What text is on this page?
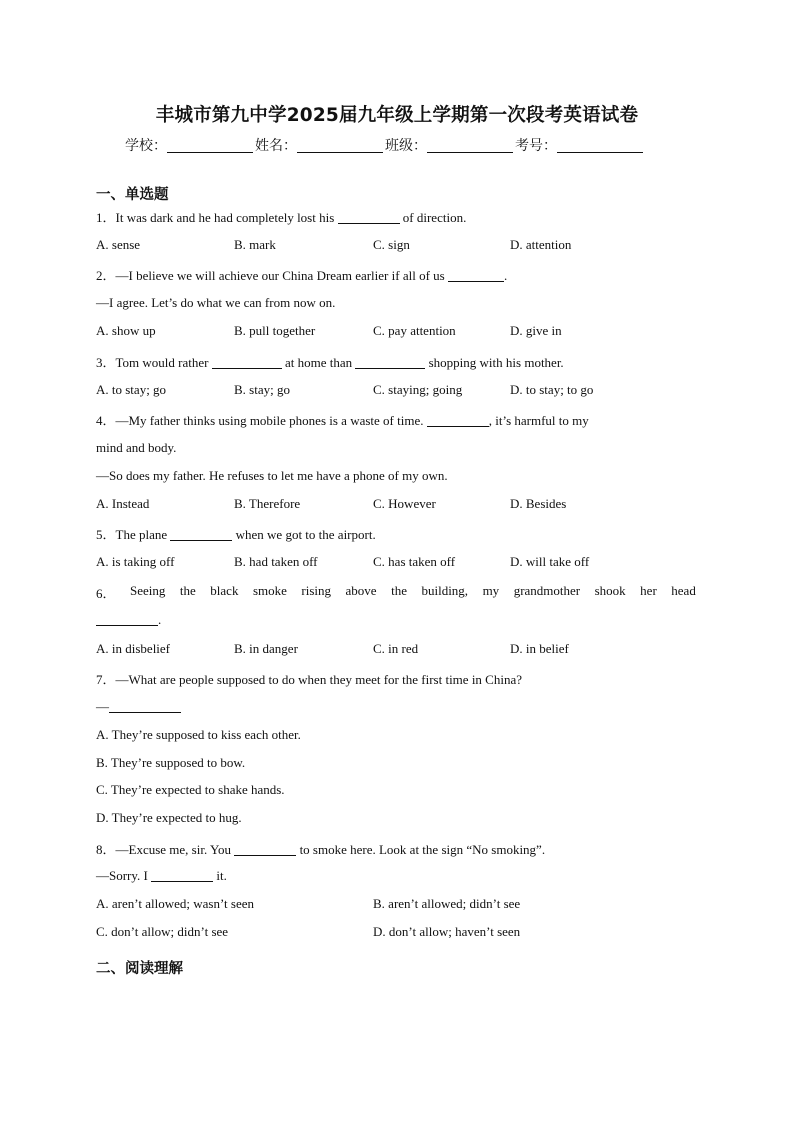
丰城市第九中学2025届九年级上学期第一次段考英语试卷
学校：	姓名：	班级：	考号：
一、单选题
1．It was dark and he had completely lost his	of direction.
A. sense	B. mark	C. sign	D. attention
2．—I believe we will achieve our China Dream earlier if all of us	.
—I agree. Let’s do what we can from now on.
A. show up	B. pull together	C. pay attention	D. give in
3．Tom would rather	at home than	shopping with his mother.
A. to stay; go	B. stay; go	C. staying; going	D. to stay; to go
4．—My father thinks using mobile phones is a waste of time.	, it’s harmful to my
mind and body.
—So does my father. He refuses to let me have a phone of my own.
A. Instead	B. Therefore	C. However	D. Besides
5．The plane	when we got to the airport.
A. is taking off	B. had taken off	C. has taken off	D. will take off
6． Seeing the black smoke rising above the building, my grandmother shook her head
.
A. in disbelief	B. in danger	C. in red	D. in belief
7．—What are people supposed to do when they meet for the first time in China?
—
A. They’re supposed to kiss each other.
B. They’re supposed to bow.
C. They’re expected to shake hands.
D. They’re expected to hug.
8．—Excuse me, sir. You	to smoke here. Look at the sign “No smoking”.
—Sorry. I	it.
A. aren’t allowed; wasn’t seen	B. aren’t allowed; didn’t see
C. don’t allow; didn’t see	D. don’t allow; haven’t seen
二、阅读理解
